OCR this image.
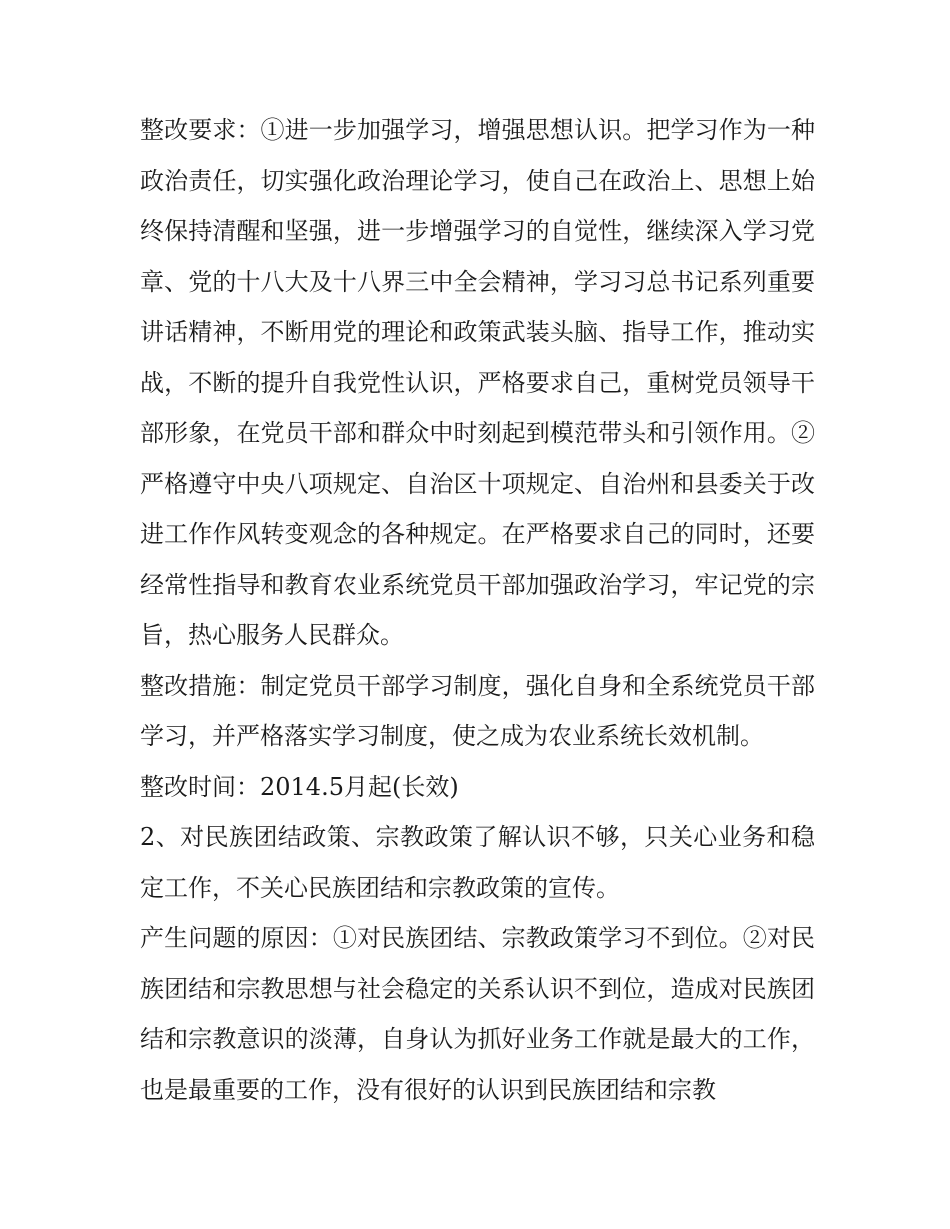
整改要求：①进一步加强学习，增强思想认识。把学习作为一种政治责任，切实强化政治理论学习，使自己在政治上、思想上始终保持清醒和坚强，进一步增强学习的自觉性，继续深入学习党章、党的十八大及十八界三中全会精神，学习习总书记系列重要讲话精神，不断用党的理论和政策武装头脑、指导工作，推动实战，不断的提升自我党性认识，严格要求自己，重树党员领导干部形象，在党员干部和群众中时刻起到模范带头和引领作用。②严格遵守中央八项规定、自治区十项规定、自治州和县委关于改进工作作风转变观念的各种规定。在严格要求自己的同时，还要经常性指导和教育农业系统党员干部加强政治学习，牢记党的宗旨，热心服务人民群众。

整改措施：制定党员干部学习制度，强化自身和全系统党员干部学习，并严格落实学习制度，使之成为农业系统长效机制。

整改时间：2014.5月起(长效)

2、对民族团结政策、宗教政策了解认识不够，只关心业务和稳定工作，不关心民族团结和宗教政策的宣传。

产生问题的原因：①对民族团结、宗教政策学习不到位。②对民族团结和宗教思想与社会稳定的关系认识不到位，造成对民族团结和宗教意识的淡薄，自身认为抓好业务工作就是最大的工作，也是最重要的工作，没有很好的认识到民族团结和宗教
